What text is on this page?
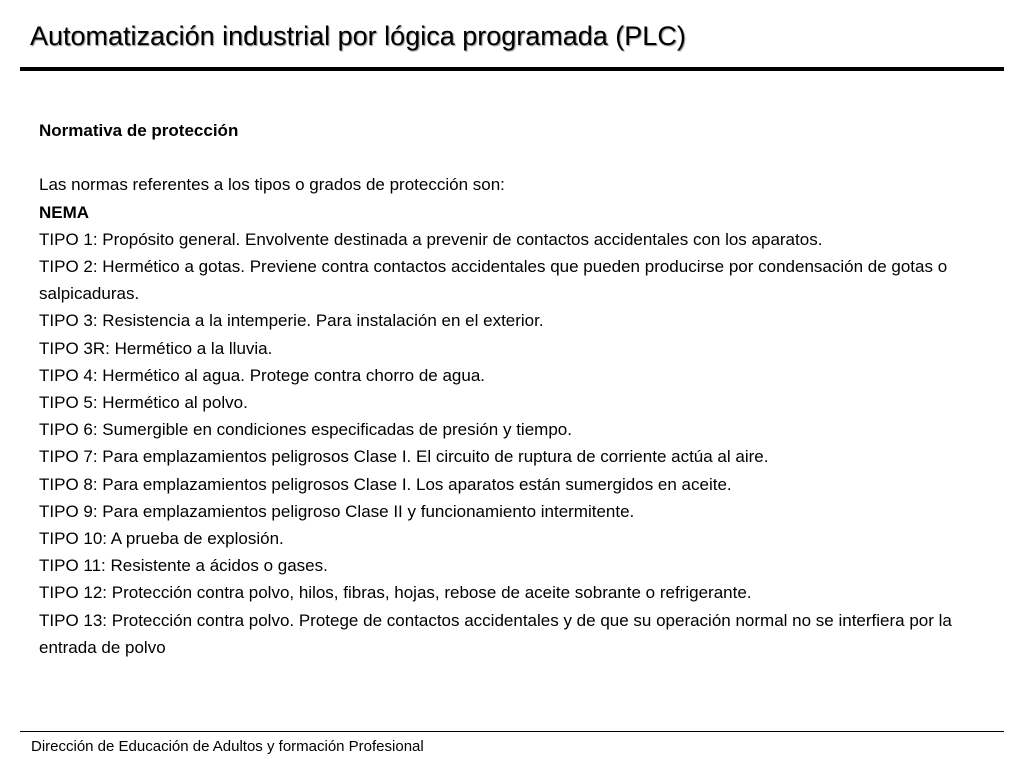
Automatización industrial por lógica programada (PLC)

Normativa de protección

Las normas referentes a los tipos o grados de protección son:

NEMA

TIPO 1: Propósito general. Envolvente destinada a prevenir de contactos accidentales con los aparatos.

TIPO 2: Hermético a gotas. Previene contra contactos accidentales que pueden producirse por condensación de gotas o salpicaduras.

TIPO 3: Resistencia a la intemperie. Para instalación en el exterior.

TIPO 3R: Hermético a la lluvia.

TIPO 4: Hermético al agua. Protege contra chorro de agua.

TIPO 5: Hermético al polvo.

TIPO 6: Sumergible en condiciones especificadas de presión y tiempo.

TIPO 7: Para emplazamientos peligrosos Clase I. El circuito de ruptura de corriente actúa al aire.

TIPO 8: Para emplazamientos peligrosos Clase I. Los aparatos están sumergidos en aceite.

TIPO 9: Para emplazamientos peligroso Clase II y funcionamiento intermitente.

TIPO 10: A prueba de explosión.

TIPO 11: Resistente a ácidos o gases.

TIPO 12: Protección contra polvo, hilos, fibras, hojas, rebose de aceite sobrante o refrigerante.

TIPO 13: Protección contra polvo. Protege de contactos accidentales y de que su operación normal no se interfiera por la entrada de polvo

Dirección de Educación de Adultos y formación Profesional
